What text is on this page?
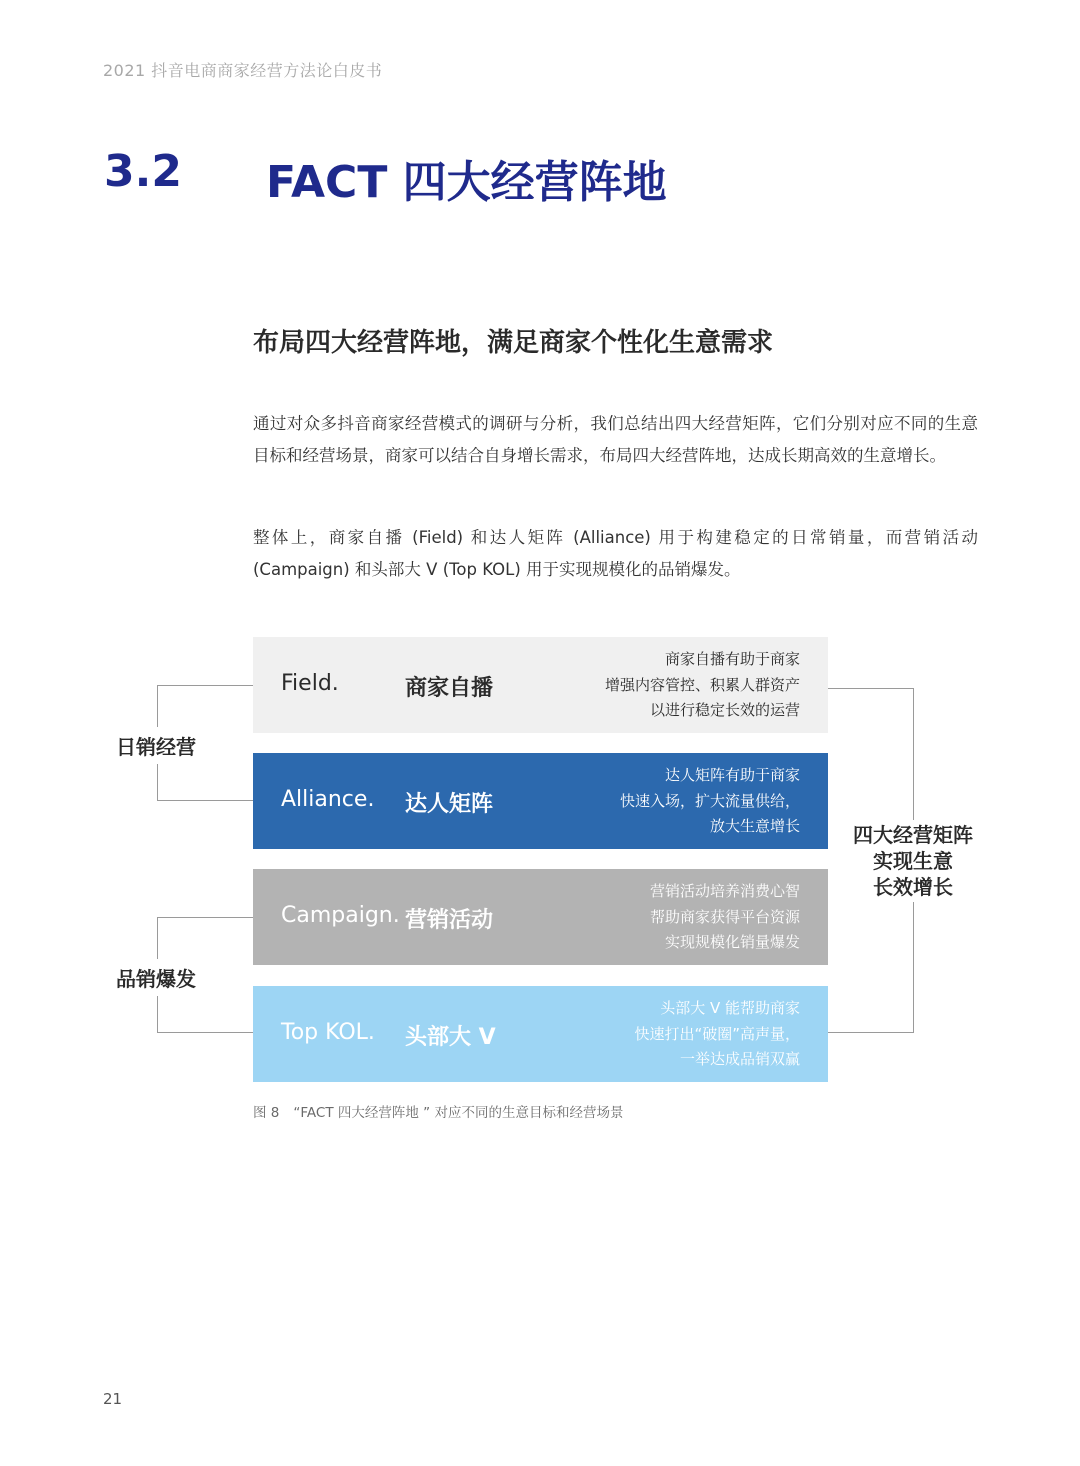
2021 抖音电商商家经营方法论白皮书
3.2 FACT 四大经营阵地
布局四大经营阵地，满足商家个性化生意需求
通过对众多抖音商家经营模式的调研与分析，我们总结出四大经营矩阵，它们分别对应不同的生意目标和经营场景，商家可以结合自身增长需求，布局四大经营阵地，达成长期高效的生意增长。
整体上，商家自播 (Field) 和达人矩阵 (Alliance) 用于构建稳定的日常销量，而营销活动 (Campaign) 和头部大 V (Top KOL) 用于实现规模化的品销爆发。
日销经营
品销爆发
四大经营矩阵
实现生意
长效增长
Field.	商家自播
商家自播有助于商家
增强内容管控、积累人群资产
以进行稳定长效的运营
Alliance. 达人矩阵
达人矩阵有助于商家
快速入场，扩大流量供给，
放大生意增长
Campaign. 营销活动
营销活动培养消费心智
帮助商家获得平台资源
实现规模化销量爆发
Top KOL. 头部大 V
头部大 V 能帮助商家
快速打出“破圈”高声量，
一举达成品销双赢
图 8 “FACT 四大经营阵地 ” 对应不同的生意目标和经营场景
21
